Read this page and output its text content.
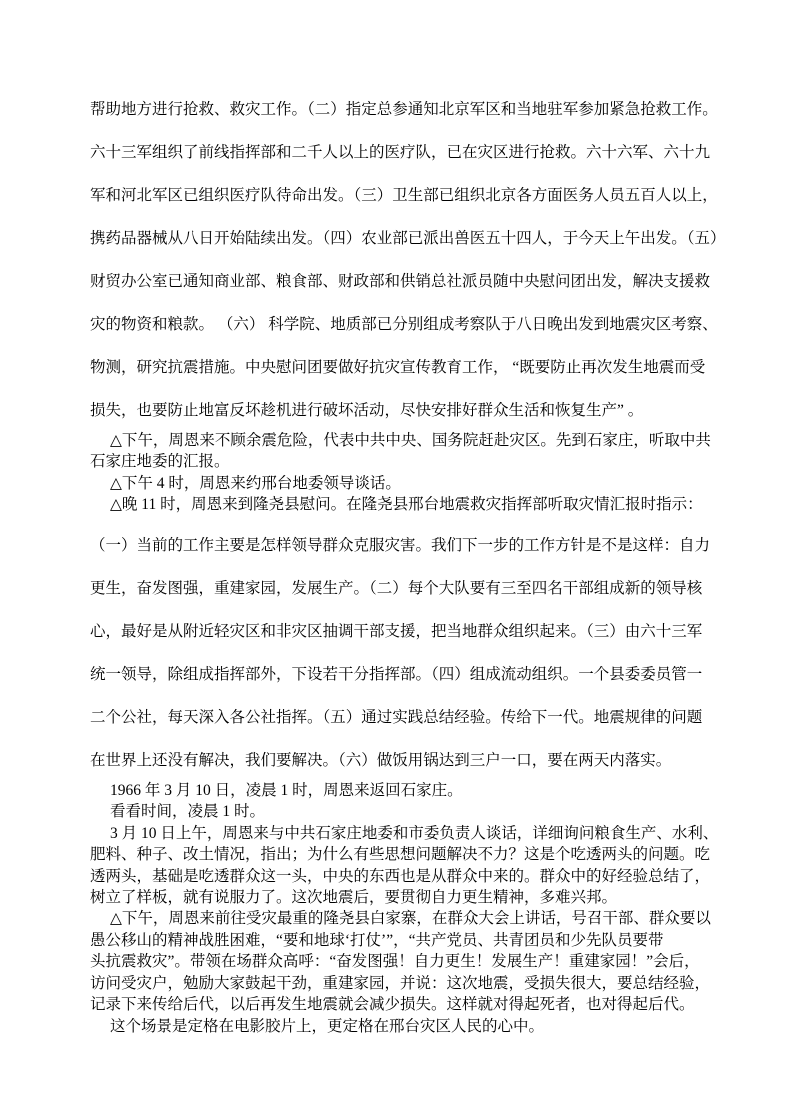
帮助地方进行抢救、救灾工作。（二）指定总参通知北京军区和当地驻军参加紧急抢救工作。
六十三军组织了前线指挥部和二千人以上的医疗队，已在灾区进行抢救。六十六军、六十九
军和河北军区已组织医疗队待命出发。（三）卫生部已组织北京各方面医务人员五百人以上，
携药品器械从八日开始陆续出发。（四）农业部已派出兽医五十四人，于今天上午出发。（五）
财贸办公室已通知商业部、粮食部、财政部和供销总社派员随中央慰问团出发，解决支援救
灾的物资和粮款。 （六） 科学院、地质部已分别组成考察队于八日晚出发到地震灾区考察、
物测，研究抗震措施。中央慰问团要做好抗灾宣传教育工作， “既要防止再次发生地震而受
损失，也要防止地富反坏趁机进行破坏活动，尽快安排好群众生活和恢复生产” 。
△下午，周恩来不顾余震危险，代表中共中央、国务院赶赴灾区。先到石家庄，听取中共
石家庄地委的汇报。
△下午 4 时，周恩来约邢台地委领导谈话。
△晚 11 时，周恩来到隆尧县慰问。在隆尧县邢台地震救灾指挥部听取灾情汇报时指示：
（一）当前的工作主要是怎样领导群众克服灾害。我们下一步的工作方针是不是这样：自力
更生，奋发图强，重建家园，发展生产。（二）每个大队要有三至四名干部组成新的领导核
心，最好是从附近轻灾区和非灾区抽调干部支援，把当地群众组织起来。（三）由六十三军
统一领导，除组成指挥部外，下设若干分指挥部。（四）组成流动组织。一个县委委员管一
二个公社，每天深入各公社指挥。（五）通过实践总结经验。传给下一代。地震规律的问题
在世界上还没有解决，我们要解决。（六）做饭用锅达到三户一口，要在两天内落实。
1966 年 3 月 10 日，凌晨 1 时，周恩来返回石家庄。
看看时间，凌晨 1 时。
3 月 10 日上午，周恩来与中共石家庄地委和市委负责人谈话，详细询问粮食生产、水利、
肥料、种子、改土情况，指出；为什么有些思想问题解决不力？这是个吃透两头的问题。吃
透两头，基础是吃透群众这一头，中央的东西也是从群众中来的。群众中的好经验总结了，
树立了样板，就有说服力了。这次地震后，要贯彻自力更生精神，多难兴邦。
△下午，周恩来前往受灾最重的隆尧县白家寨，在群众大会上讲话，号召干部、群众要以
愚公移山的精神战胜困难，“要和地球‘打仗’”，“共产党员、共青团员和少先队员要带
头抗震救灾”。带领在场群众高呼：“奋发图强！自力更生！发展生产！重建家园！”会后，
访问受灾户，勉励大家鼓起干劲，重建家园，并说：这次地震，受损失很大，要总结经验，
记录下来传给后代，以后再发生地震就会减少损失。这样就对得起死者，也对得起后代。
这个场景是定格在电影胶片上，更定格在邢台灾区人民的心中。
